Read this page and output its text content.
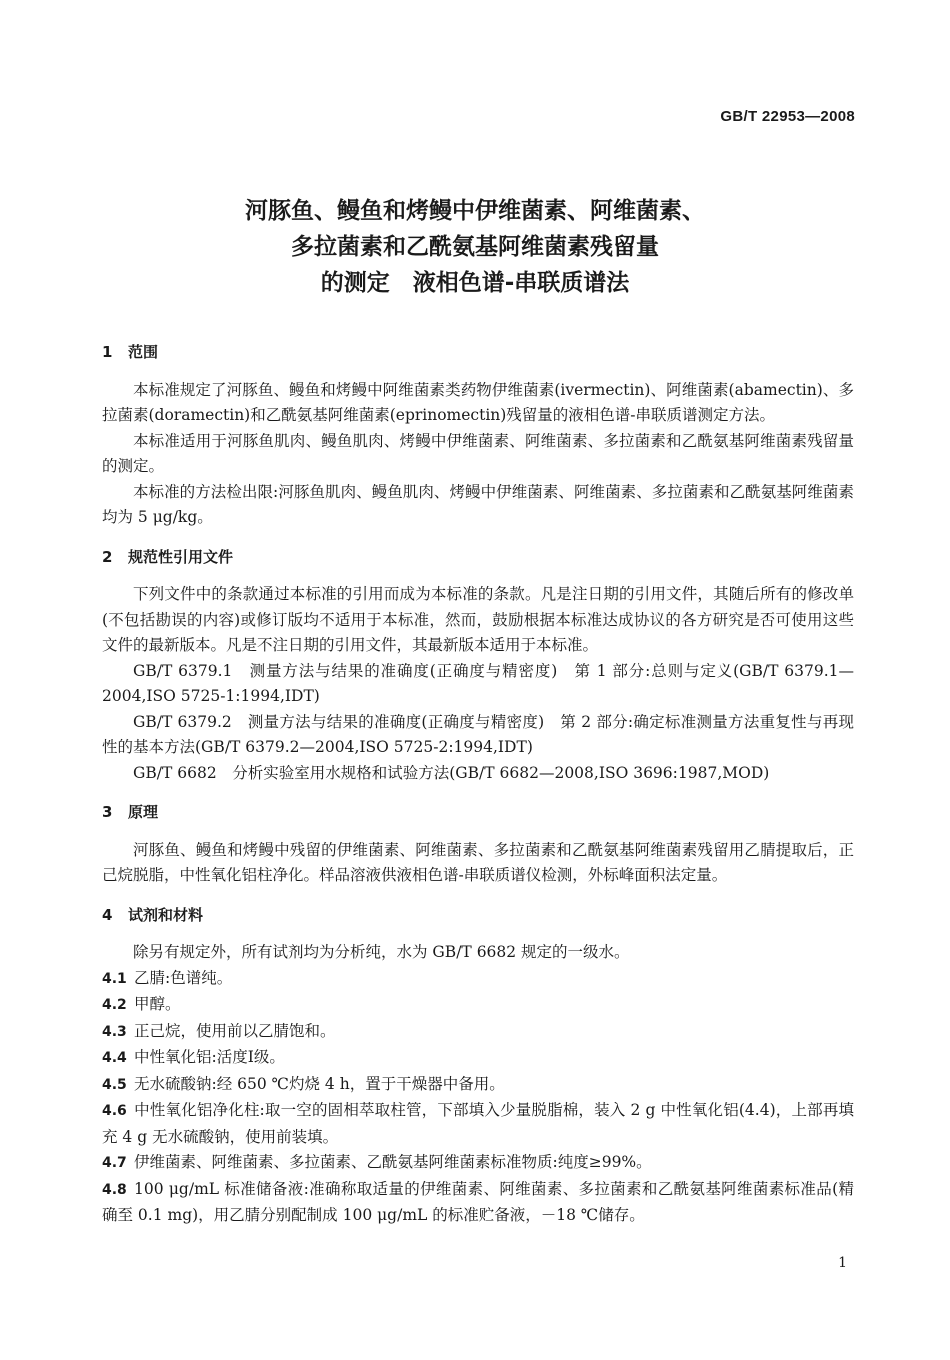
GB/T 22953—2008
河豚鱼、鳗鱼和烤鳗中伊维菌素、阿维菌素、
多拉菌素和乙酰氨基阿维菌素残留量
的测定　液相色谱-串联质谱法
1 范围

本标准规定了河豚鱼、鳗鱼和烤鳗中阿维菌素类药物伊维菌素(ivermectin)、阿维菌素(abamectin)、多拉菌素(doramectin)和乙酰氨基阿维菌素(eprinomectin)残留量的液相色谱-串联质谱测定方法。

本标准适用于河豚鱼肌肉、鳗鱼肌肉、烤鳗中伊维菌素、阿维菌素、多拉菌素和乙酰氨基阿维菌素残留量的测定。

本标准的方法检出限:河豚鱼肌肉、鳗鱼肌肉、烤鳗中伊维菌素、阿维菌素、多拉菌素和乙酰氨基阿维菌素均为 5 μg/kg。

2 规范性引用文件

下列文件中的条款通过本标准的引用而成为本标准的条款。凡是注日期的引用文件，其随后所有的修改单(不包括勘误的内容)或修订版均不适用于本标准，然而，鼓励根据本标准达成协议的各方研究是否可使用这些文件的最新版本。凡是不注日期的引用文件，其最新版本适用于本标准。

GB/T 6379.1　测量方法与结果的准确度(正确度与精密度)　第 1 部分:总则与定义(GB/T 6379.1—2004,ISO 5725-1:1994,IDT)

GB/T 6379.2　测量方法与结果的准确度(正确度与精密度)　第 2 部分:确定标准测量方法重复性与再现性的基本方法(GB/T 6379.2—2004,ISO 5725-2:1994,IDT)

GB/T 6682　分析实验室用水规格和试验方法(GB/T 6682—2008,ISO 3696:1987,MOD)

3 原理

河豚鱼、鳗鱼和烤鳗中残留的伊维菌素、阿维菌素、多拉菌素和乙酰氨基阿维菌素残留用乙腈提取后，正己烷脱脂，中性氧化铝柱净化。样品溶液供液相色谱-串联质谱仪检测，外标峰面积法定量。

4 试剂和材料

除另有规定外，所有试剂均为分析纯，水为 GB/T 6682 规定的一级水。

4.1 乙腈:色谱纯。
4.2 甲醇。
4.3 正己烷，使用前以乙腈饱和。
4.4 中性氧化铝:活度Ⅰ级。
4.5 无水硫酸钠:经 650 ℃灼烧 4 h，置于干燥器中备用。
4.6 中性氧化铝净化柱:取一空的固相萃取柱管，下部填入少量脱脂棉，装入 2 g 中性氧化铝(4.4)，上部再填充 4 g 无水硫酸钠，使用前装填。
4.7 伊维菌素、阿维菌素、多拉菌素、乙酰氨基阿维菌素标准物质:纯度≥99%。
4.8 100 μg/mL 标准储备液:准确称取适量的伊维菌素、阿维菌素、多拉菌素和乙酰氨基阿维菌素标准品(精确至 0.1 mg)，用乙腈分别配制成 100 μg/mL 的标准贮备液，－18 ℃储存。
1
